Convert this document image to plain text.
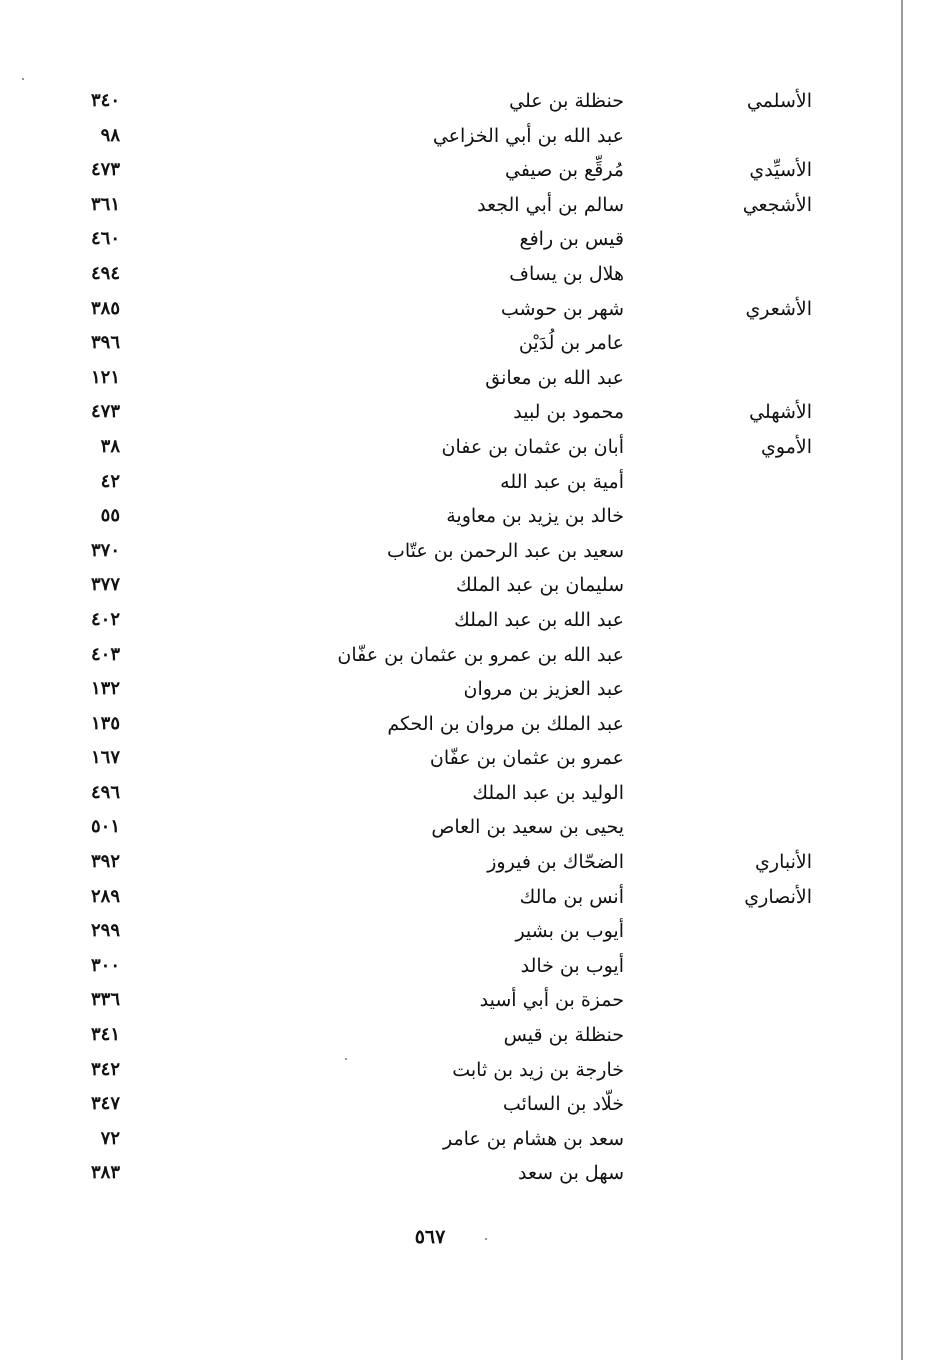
الأسلمي
حنظلة بن علي
٣٤٠
عبد الله بن أبي الخزاعي
٩٨
الأسيِّدي
مُرقِّع بن صيفي
٤٧٣
الأشجعي
سالم بن أبي الجعد
٣٦١
قيس بن رافع
٤٦٠
هلال بن يساف
٤٩٤
الأشعري
شهر بن حوشب
٣٨٥
عامر بن لُدَيْن
٣٩٦
عبد الله بن معانق
١٢١
الأشهلي
محمود بن لبيد
٤٧٣
الأموي
أبان بن عثمان بن عفان
٣٨
أمية بن عبد الله
٤٢
خالد بن يزيد بن معاوية
٥٥
سعيد بن عبد الرحمن بن عتّاب
٣٧٠
سليمان بن عبد الملك
٣٧٧
عبد الله بن عبد الملك
٤٠٢
عبد الله بن عمرو بن عثمان بن عفّان
٤٠٣
عبد العزيز بن مروان
١٣٢
عبد الملك بن مروان بن الحكم
١٣٥
عمرو بن عثمان بن عفّان
١٦٧
الوليد بن عبد الملك
٤٩٦
يحيى بن سعيد بن العاص
٥٠١
الأنباري
الضحّاك بن فيروز
٣٩٢
الأنصاري
أنس بن مالك
٢٨٩
أيوب بن بشير
٢٩٩
أيوب بن خالد
٣٠٠
حمزة بن أبي أسيد
٣٣٦
حنظلة بن قيس
٣٤١
خارجة بن زيد بن ثابت
٣٤٢
خلّاد بن السائب
٣٤٧
سعد بن هشام بن عامر
٧٢
سهل بن سعد
٣٨٣
٥٦٧
